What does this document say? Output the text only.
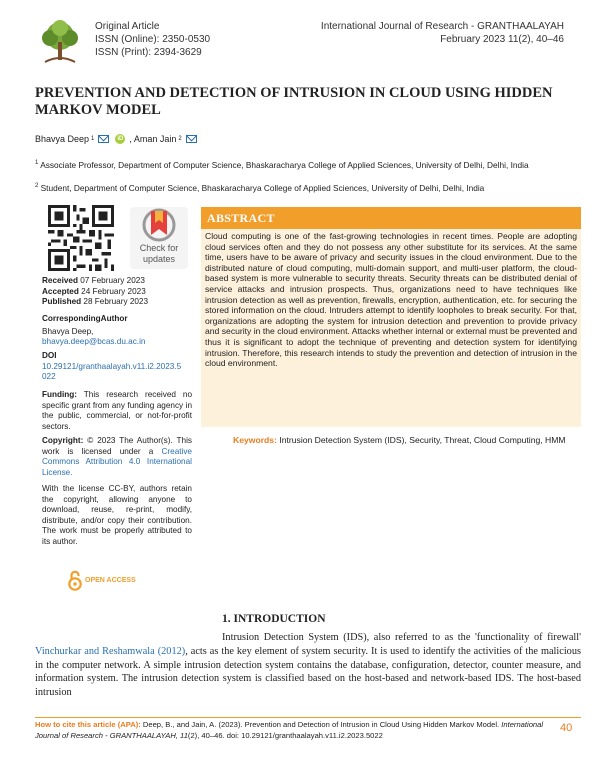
Original Article
ISSN (Online): 2350-0530
ISSN (Print): 2394-3629
International Journal of Research - GRANTHAALAYAH
February 2023 11(2), 40–46
PREVENTION AND DETECTION OF INTRUSION IN CLOUD USING HIDDEN MARKOV MODEL
Bhavya Deep 1	iD , Aman Jain 2
$^1$ Associate Professor, Department of Computer Science, Bhaskaracharya College of Applied Sciences, University of Delhi, Delhi, India
$^2$ Student, Department of Computer Science, Bhaskaracharya College of Applied Sciences, University of Delhi, Delhi, India
Check for
updates
Received 07 February 2023
Accepted 24 February 2023
Published 28 February 2023
CorrespondingAuthor
Bhavya Deep,
bhavya.deep@bcas.du.ac.in
DOI
10.29121/granthaalayah.v11.i2.2023.5022
Funding: This research received no specific grant from any funding agency in the public, commercial, or not-for-profit sectors.
Copyright: © 2023 The Author(s). This work is licensed under a Creative Commons Attribution 4.0 International License.
With the license CC-BY, authors retain the copyright, allowing anyone to download, reuse, re-print, modify, distribute, and/or copy their contribution. The work must be properly attributed to its author.
OPEN ACCESS
ABSTRACT
Cloud computing is one of the fast-growing technologies in recent times. People are adopting cloud services often and they do not possess any other substitute for its services. At the same time, users have to be aware of privacy and security issues in the cloud environment. Due to the distributed nature of cloud computing, multi-domain support, and multi-user platform, the cloud-based system is more vulnerable to security threats. Security threats can be distributed denial of service attacks and intrusion prospects. Thus, organizations need to have techniques like intrusion detection as well as prevention, firewalls, encryption, authentication, etc. for securing the stored information on the cloud. Intruders attempt to identify loopholes to break security. For that, organizations are adopting the system for intrusion detection and prevention to provide privacy and security in the cloud environment. Attacks whether internal or external must be prevented and thus it is significant to adopt the technique of preventing and detection system for identifying intrusion. Therefore, this research intends to study the prevention and detection of intrusion in the cloud environment.
Keywords: Intrusion Detection System (IDS), Security, Threat, Cloud Computing, HMM
1. INTRODUCTION
Intrusion Detection System (IDS), also referred to as the 'functionality of firewall' Vinchurkar and Reshamwala (2012), acts as the key element of system security. It is used to identify the activities of the malicious in the computer network. A simple intrusion detection system contains the database, configuration, detector, counter measure, and information system. The intrusion detection system is classified based on the host-based and network-based IDS. The host-based intrusion
How to cite this article (APA): Deep, B., and Jain, A. (2023). Prevention and Detection of Intrusion in Cloud Using Hidden Markov Model. International Journal of Research - GRANTHAALAYAH, 11(2), 40–46. doi: 10.29121/granthaalayah.v11.i2.2023.5022
40
